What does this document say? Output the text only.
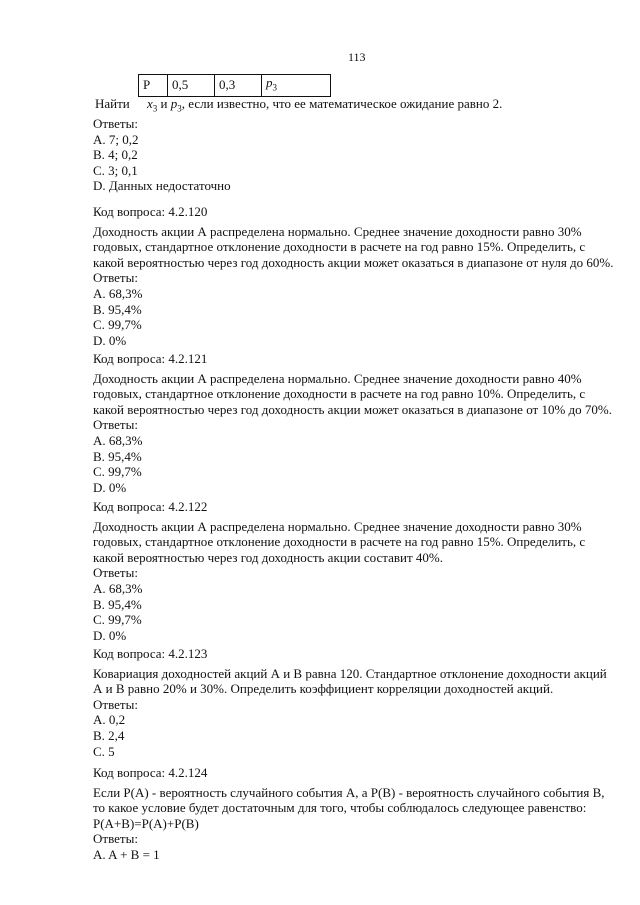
113
P	0,5	0,3	$p_3$
Найти $x_3$ и $p_3$, если известно, что ее математическое ожидание равно 2.

Ответы:

A. 7; 0,2

B. 4; 0,2

C. 3; 0,1

D. Данных недостаточно

Код вопроса: 4.2.120

Доходность акции А распределена нормально. Среднее значение доходности равно 30%

годовых, стандартное отклонение доходности в расчете на год равно 15%. Определить, с

какой вероятностью через год доходность акции может оказаться в диапазоне от нуля до 60%.

Ответы:

A. 68,3%

B. 95,4%

C. 99,7%

D. 0%

Код вопроса: 4.2.121

Доходность акции А распределена нормально. Среднее значение доходности равно 40%

годовых, стандартное отклонение доходности в расчете на год равно 10%. Определить, с

какой вероятностью через год доходность акции может оказаться в диапазоне от 10% до 70%.

Ответы:

A. 68,3%

B. 95,4%

C. 99,7%

D. 0%

Код вопроса: 4.2.122

Доходность акции А распределена нормально. Среднее значение доходности равно 30%

годовых, стандартное отклонение доходности в расчете на год равно 15%. Определить, с

какой вероятностью через год доходность акции составит 40%.

Ответы:

A. 68,3%

B. 95,4%

C. 99,7%

D. 0%

Код вопроса: 4.2.123

Ковариация доходностей акций А и В равна 120. Стандартное отклонение доходности акций

А и В равно 20% и 30%. Определить коэффициент корреляции доходностей акций.

Ответы:

A. 0,2

B. 2,4

C. 5

Код вопроса: 4.2.124

Если P(A) - вероятность случайного события А, а P(B) - вероятность случайного события В,

то какое условие будет достаточным для того, чтобы соблюдалось следующее равенство:

P(A+B)=P(A)+P(B)

Ответы:

A. A + B = 1
